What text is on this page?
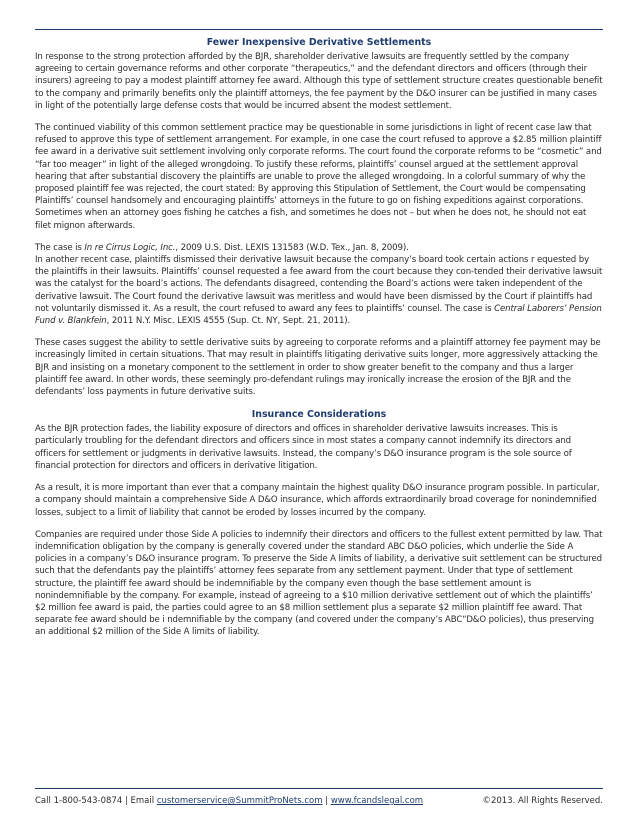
Fewer Inexpensive Derivative Settlements

In response to the strong protection afforded by the BJR, shareholder derivative lawsuits are frequently settled by the company agreeing to certain governance reforms and other corporate “therapeutics,” and the defendant directors and officers (through their insurers) agreeing to pay a modest plaintiff attorney fee award. Although this type of settlement structure creates questionable benefit to the company and primarily benefits only the plaintiff attorneys, the fee payment by the D&O insurer can be justified in many cases in light of the potentially large defense costs that would be incurred absent the modest settlement.

The continued viability of this common settlement practice may be questionable in some jurisdictions in light of recent case law that refused to approve this type of settlement arrangement. For example, in one case the court refused to approve a $2.85 million plaintiff fee award in a derivative suit settlement involving only corporate reforms. The court found the corporate reforms to be “cosmetic” and “far too meager” in light of the alleged wrongdoing. To justify these reforms, plaintiffs’ counsel argued at the settlement approval hearing that after substantial discovery the plaintiffs are unable to prove the alleged wrongdoing. In a colorful summary of why the proposed plaintiff fee was rejected, the court stated: By approving this Stipulation of Settlement, the Court would be compensating Plaintiffs’ counsel handsomely and encouraging plaintiffs’ attorneys in the future to go on fishing expeditions against corporations. Sometimes when an attorney goes fishing he catches a fish, and sometimes he does not – but when he does not, he should not eat filet mignon afterwards.

The case is In re Cirrus Logic, Inc., 2009 U.S. Dist. LEXIS 131583 (W.D. Tex., Jan. 8, 2009).

In another recent case, plaintiffs dismissed their derivative lawsuit because the company’s board took certain actions r equested by the plaintiffs in their lawsuits. Plaintiffs’ counsel requested a fee award from the court because they con-tended their derivative lawsuit was the catalyst for the board’s actions. The defendants disagreed, contending the Board’s actions were taken independent of the derivative lawsuit. The Court found the derivative lawsuit was meritless and would have been dismissed by the Court if plaintiffs had not voluntarily dismissed it. As a result, the court refused to award any fees to plaintiffs’ counsel. The case is Central Laborers’ Pension Fund v. Blankfein, 2011 N.Y. Misc. LEXIS 4555 (Sup. Ct. NY, Sept. 21, 2011).

These cases suggest the ability to settle derivative suits by agreeing to corporate reforms and a plaintiff attorney fee payment may be increasingly limited in certain situations. That may result in plaintiffs litigating derivative suits longer, more aggressively attacking the BJR and insisting on a monetary component to the settlement in order to show greater benefit to the company and thus a larger plaintiff fee award. In other words, these seemingly pro-defendant rulings may ironically increase the erosion of the BJR and the defendants’ loss payments in future derivative suits.

Insurance Considerations

As the BJR protection fades, the liability exposure of directors and offices in shareholder derivative lawsuits increases. This is particularly troubling for the defendant directors and officers since in most states a company cannot indemnify its directors and officers for settlement or judgments in derivative lawsuits. Instead, the company’s D&O insurance program is the sole source of financial protection for directors and officers in derivative litigation.

As a result, it is more important than ever that a company maintain the highest quality D&O insurance program possible. In particular, a company should maintain a comprehensive Side A D&O insurance, which affords extraordinarily broad coverage for nonindemnified losses, subject to a limit of liability that cannot be eroded by losses incurred by the company.

Companies are required under those Side A policies to indemnify their directors and officers to the fullest extent permitted by law. That indemnification obligation by the company is generally covered under the standard ABC D&O policies, which underlie the Side A policies in a company’s D&O insurance program. To preserve the Side A limits of liability, a derivative suit settlement can be structured such that the defendants pay the plaintiffs’ attorney fees separate from any settlement payment. Under that type of settlement structure, the plaintiff fee award should be indemnifiable by the company even though the base settlement amount is nonindemnifiable by the company. For example, instead of agreeing to a $10 million derivative settlement out of which the plaintiffs’ $2 million fee award is paid, the parties could agree to an $8 million settlement plus a separate $2 million plaintiff fee award. That separate fee award should be i ndemnifiable by the company (and covered under the company’s ABC“D&O policies), thus preserving an additional $2 million of the Side A limits of liability.

Call 1-800-543-0874 | Email customerservice@SummitProNets.com | www.fcandslegal.com	©2013. All Rights Reserved.
